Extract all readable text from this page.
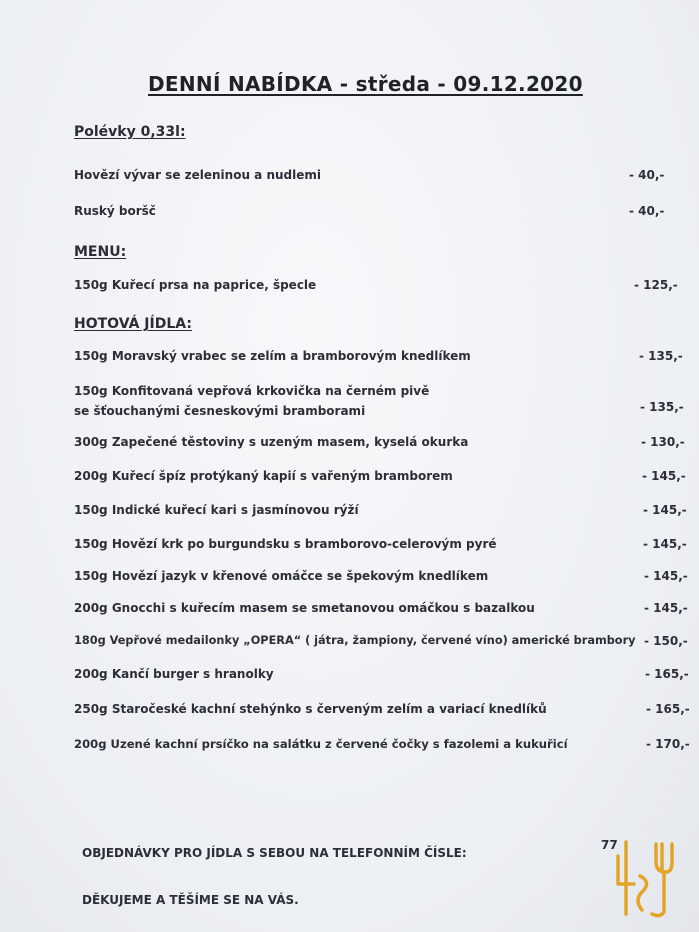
DENNÍ NABÍDKA - středa - 09.12.2020
Polévky 0,33l:
Hovězí vývar se zeleninou a nudlemi	- 40,-
Ruský boršč	- 40,-
MENU:
150g Kuřecí prsa na paprice, špecle	- 125,-
HOTOVÁ JÍDLA:
150g Moravský vrabec se zelím a bramborovým knedlíkem	- 135,-
150g Konfitovaná vepřová krkovička na černém pivě
se šťouchanými česneskovými bramborami	- 135,-
300g Zapečené těstoviny s uzeným masem, kyselá okurka	- 130,-
200g Kuřecí špíz protýkaný kapií s vařeným bramborem	- 145,-
150g Indické kuřecí kari s jasmínovou rýží	- 145,-
150g Hovězí krk po burgundsku s bramborovo-celerovým pyré	- 145,-
150g Hovězí jazyk v křenové omáčce se špekovým knedlíkem	- 145,-
200g Gnocchi s kuřecím masem se smetanovou omáčkou s bazalkou	- 145,-
180g Vepřové medailonky „OPERA“ ( játra, žampiony, červené víno) americké brambory - 150,-
200g Kančí burger s hranolky	- 165,-
250g Staročeské kachní stehýnko s červeným zelím a variací knedlíků	- 165,-
200g Uzené kachní prsíčko na salátku z červené čočky s fazolemi a kukuřicí	- 170,-
OBJEDNÁVKY PRO JÍDLA S SEBOU NA TELEFONNÍM ČÍSLE:
77
DĚKUJEME A TĚŠÍME SE NA VÁS.
